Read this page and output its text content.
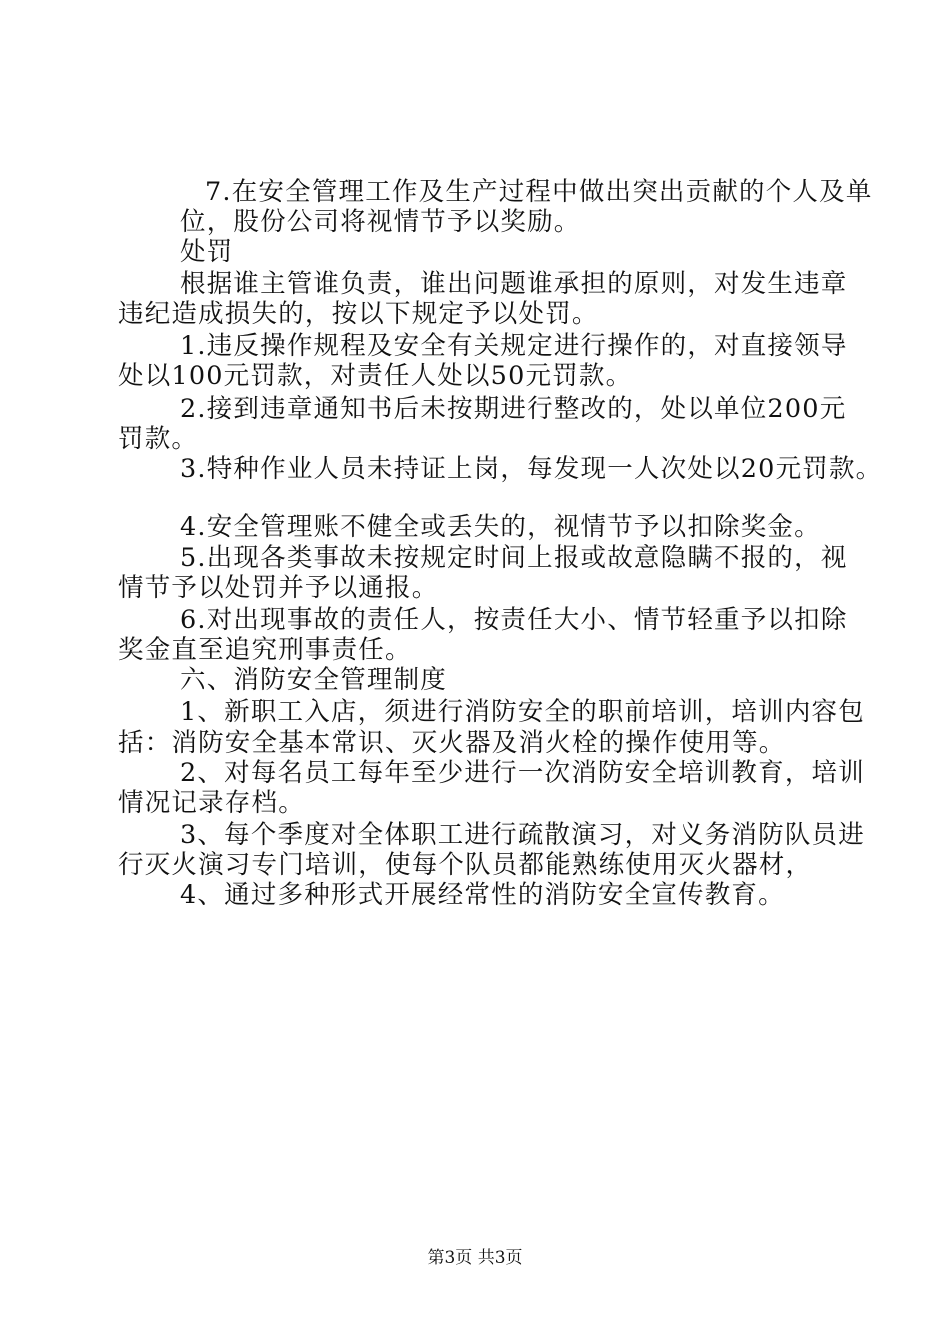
7.在安全管理工作及生产过程中做出突出贡献的个人及单
位，股份公司将视情节予以奖励。
处罚
根据谁主管谁负责，谁出问题谁承担的原则，对发生违章
违纪造成损失的，按以下规定予以处罚。
1.违反操作规程及安全有关规定进行操作的，对直接领导
处以100元罚款，对责任人处以50元罚款。
2.接到违章通知书后未按期进行整改的，处以单位200元
罚款。
3.特种作业人员未持证上岗，每发现一人次处以20元罚款。
4.安全管理账不健全或丢失的，视情节予以扣除奖金。
5.出现各类事故未按规定时间上报或故意隐瞒不报的，视
情节予以处罚并予以通报。
6.对出现事故的责任人，按责任大小、情节轻重予以扣除
奖金直至追究刑事责任。
六、消防安全管理制度
1、新职工入店，须进行消防安全的职前培训，培训内容包
括：消防安全基本常识、灭火器及消火栓的操作使用等。
2、对每名员工每年至少进行一次消防安全培训教育，培训
情况记录存档。
3、每个季度对全体职工进行疏散演习，对义务消防队员进
行灭火演习专门培训，使每个队员都能熟练使用灭火器材，
4、通过多种形式开展经常性的消防安全宣传教育。
第3页 共3页
